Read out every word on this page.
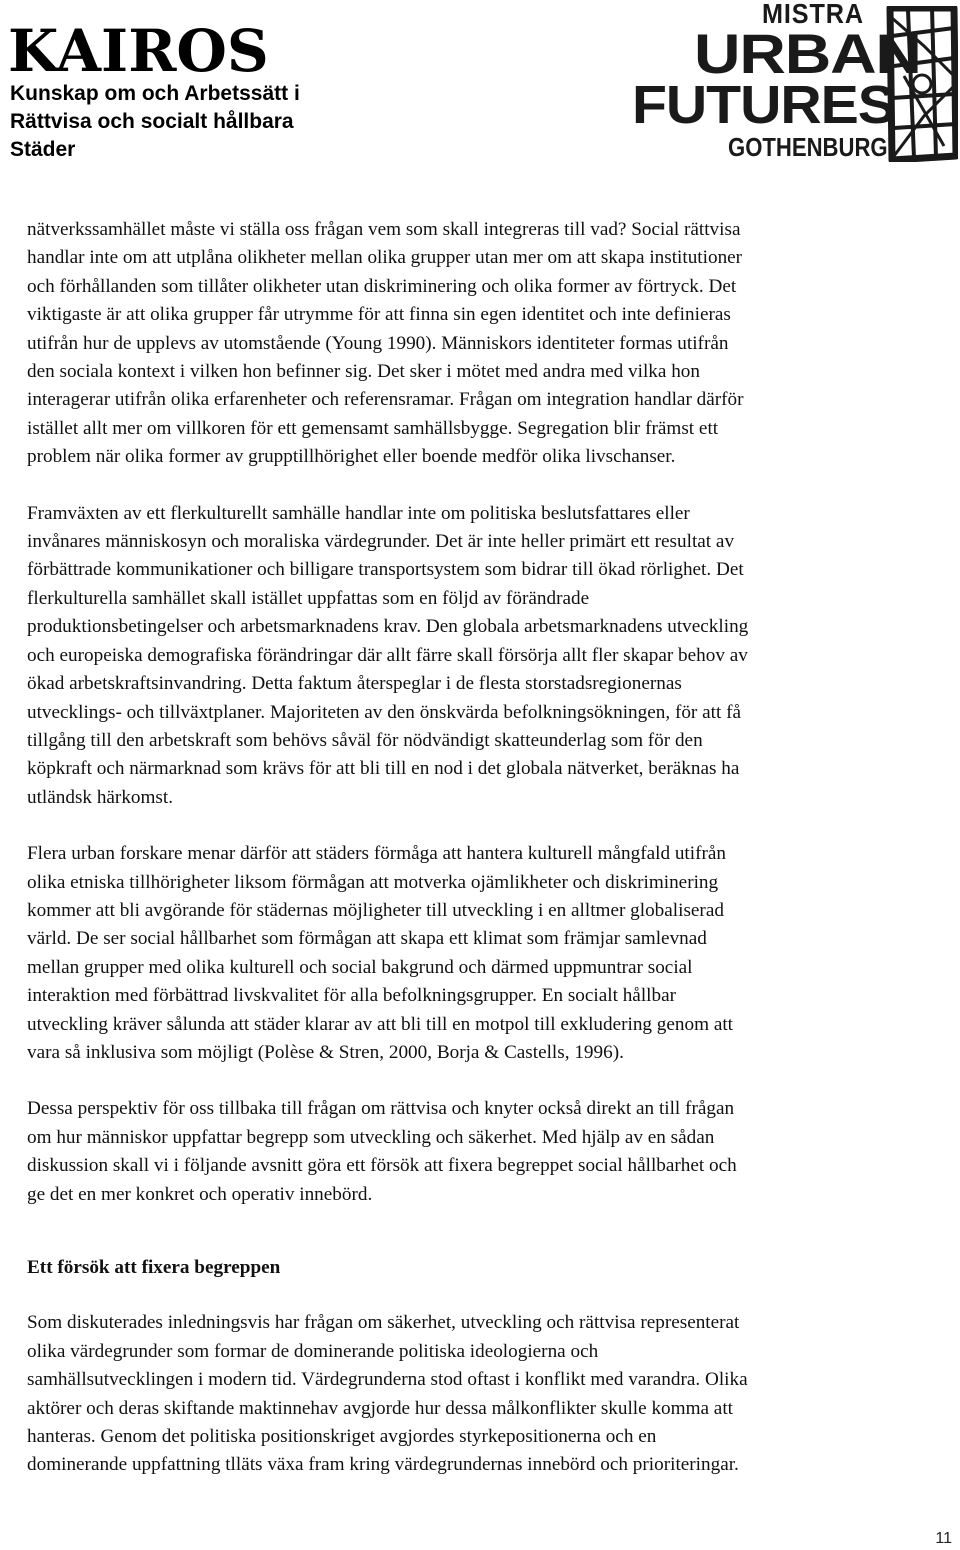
KAIROS
Kunskap om och Arbetssätt i
Rättvisa och socialt hållbara
Städer
MISTRA
URBAN
FUTURES
GOTHENBURG

nätverkssamhället måste vi ställa oss frågan vem som skall integreras till vad? Social rättvisa
handlar inte om att utplåna olikheter mellan olika grupper utan mer om att skapa institutioner
och förhållanden som tillåter olikheter utan diskriminering och olika former av förtryck. Det
viktigaste är att olika grupper får utrymme för att finna sin egen identitet och inte definieras
utifrån hur de upplevs av utomstående (Young 1990). Människors identiteter formas utifrån
den sociala kontext i vilken hon befinner sig. Det sker i mötet med andra med vilka hon
interagerar utifrån olika erfarenheter och referensramar. Frågan om integration handlar därför
istället allt mer om villkoren för ett gemensamt samhällsbygge. Segregation blir främst ett
problem när olika former av grupptillhörighet eller boende medför olika livschanser.

Framväxten av ett flerkulturellt samhälle handlar inte om politiska beslutsfattares eller
invånares människosyn och moraliska värdegrunder. Det är inte heller primärt ett resultat av
förbättrade kommunikationer och billigare transportsystem som bidrar till ökad rörlighet. Det
flerkulturella samhället skall istället uppfattas som en följd av förändrade
produktionsbetingelser och arbetsmarknadens krav. Den globala arbetsmarknadens utveckling
och europeiska demografiska förändringar där allt färre skall försörja allt fler skapar behov av
ökad arbetskraftsinvandring. Detta faktum återspeglar i de flesta storstadsregionernas
utvecklings- och tillväxtplaner. Majoriteten av den önskvärda befolkningsökningen, för att få
tillgång till den arbetskraft som behövs såväl för nödvändigt skatteunderlag som för den
köpkraft och närmarknad som krävs för att bli till en nod i det globala nätverket, beräknas ha
utländsk härkomst.

Flera urban forskare menar därför att städers förmåga att hantera kulturell mångfald utifrån
olika etniska tillhörigheter liksom förmågan att motverka ojämlikheter och diskriminering
kommer att bli avgörande för städernas möjligheter till utveckling i en alltmer globaliserad
värld. De ser social hållbarhet som förmågan att skapa ett klimat som främjar samlevnad
mellan grupper med olika kulturell och social bakgrund och därmed uppmuntrar social
interaktion med förbättrad livskvalitet för alla befolkningsgrupper. En socialt hållbar
utveckling kräver sålunda att städer klarar av att bli till en motpol till exkludering genom att
vara så inklusiva som möjligt (Polèse & Stren, 2000, Borja & Castells, 1996).

Dessa perspektiv för oss tillbaka till frågan om rättvisa och knyter också direkt an till frågan
om hur människor uppfattar begrepp som utveckling och säkerhet. Med hjälp av en sådan
diskussion skall vi i följande avsnitt göra ett försök att fixera begreppet social hållbarhet och
ge det en mer konkret och operativ innebörd.

Ett försök att fixera begreppen

Som diskuterades inledningsvis har frågan om säkerhet, utveckling och rättvisa representerat
olika värdegrunder som formar de dominerande politiska ideologierna och
samhällsutvecklingen i modern tid. Värdegrunderna stod oftast i konflikt med varandra. Olika
aktörer och deras skiftande maktinnehav avgjorde hur dessa målkonflikter skulle komma att
hanteras. Genom det politiska positionskriget avgjordes styrkepositionerna och en
dominerande uppfattning tlläts växa fram kring värdegrundernas innebörd och prioriteringar.

11
